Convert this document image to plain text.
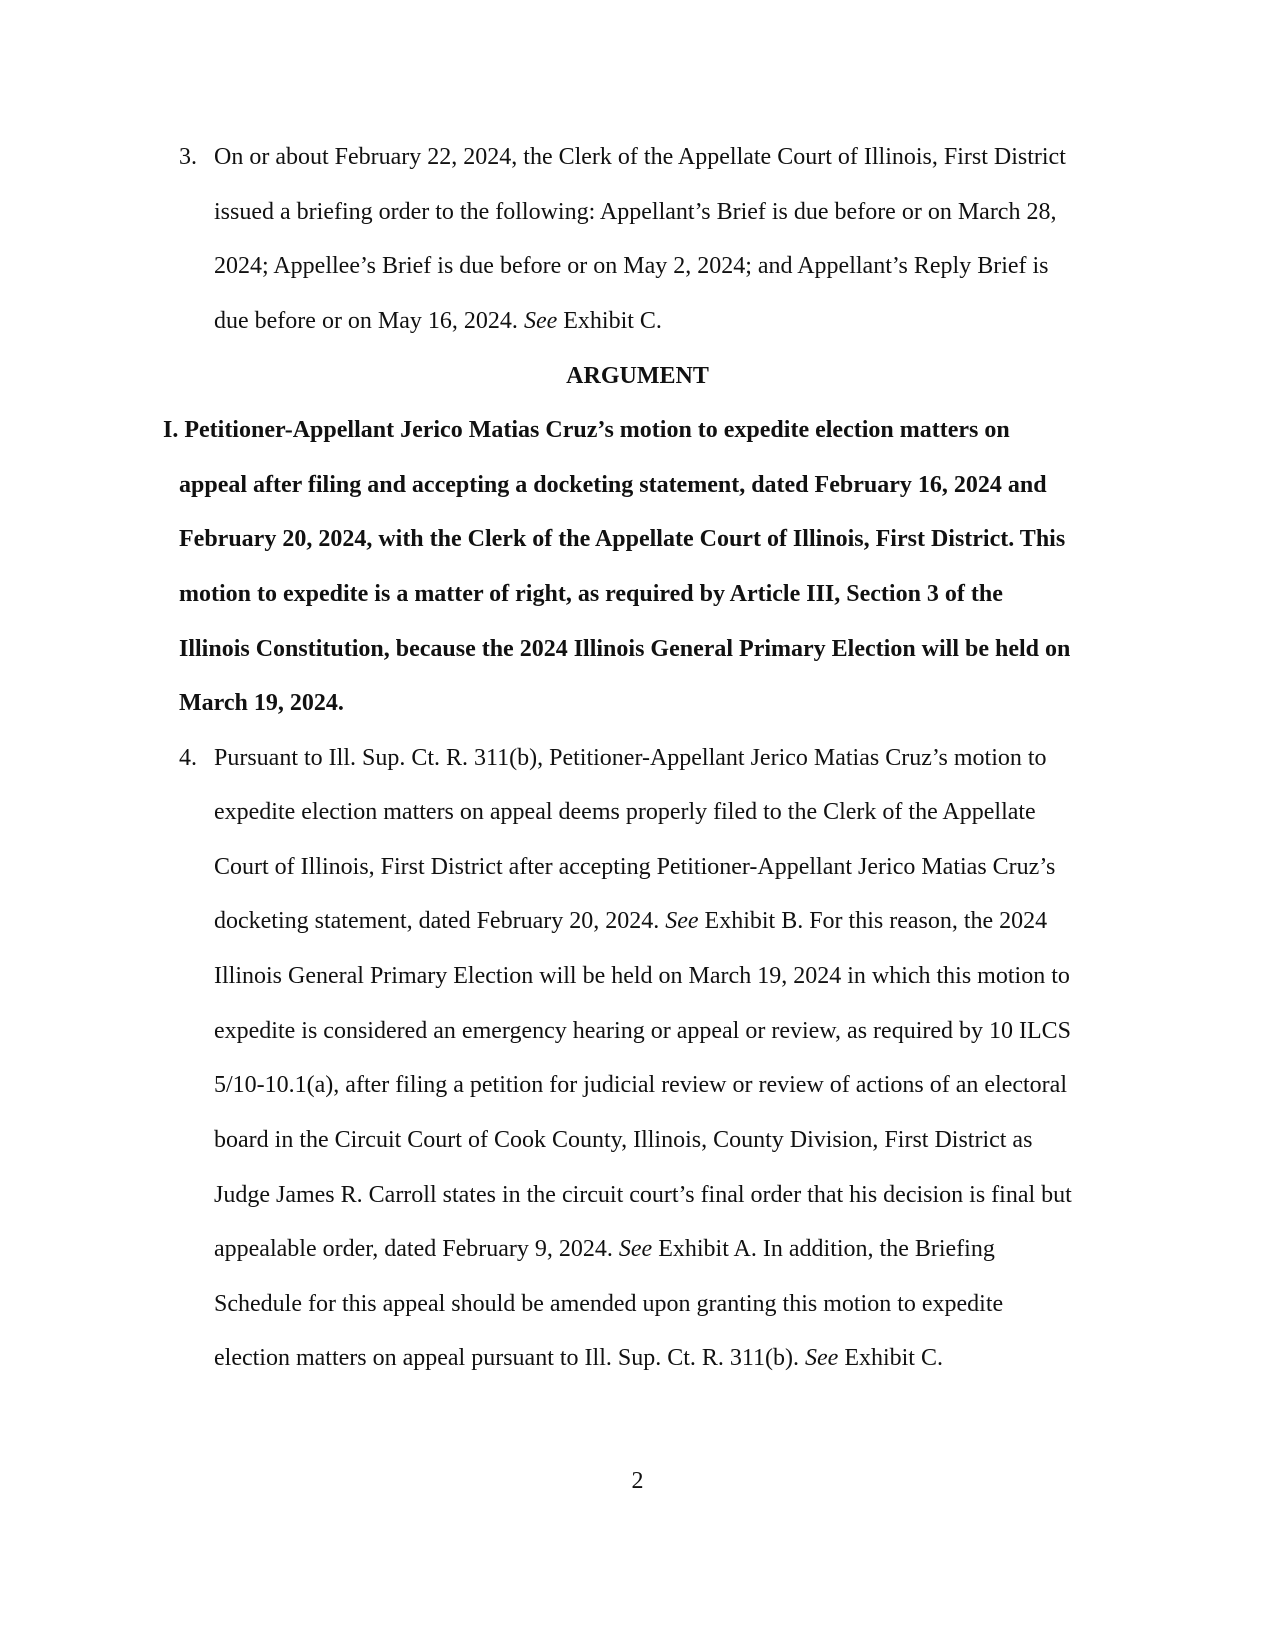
3. On or about February 22, 2024, the Clerk of the Appellate Court of Illinois, First District
issued a briefing order to the following: Appellant’s Brief is due before or on March 28,
2024; Appellee’s Brief is due before or on May 2, 2024; and Appellant’s Reply Brief is
due before or on May 16, 2024. See Exhibit C.
ARGUMENT
I. Petitioner-Appellant Jerico Matias Cruz’s motion to expedite election matters on
appeal after filing and accepting a docketing statement, dated February 16, 2024 and
February 20, 2024, with the Clerk of the Appellate Court of Illinois, First District. This
motion to expedite is a matter of right, as required by Article III, Section 3 of the
Illinois Constitution, because the 2024 Illinois General Primary Election will be held on
March 19, 2024.
4. Pursuant to Ill. Sup. Ct. R. 311(b), Petitioner-Appellant Jerico Matias Cruz’s motion to
expedite election matters on appeal deems properly filed to the Clerk of the Appellate
Court of Illinois, First District after accepting Petitioner-Appellant Jerico Matias Cruz’s
docketing statement, dated February 20, 2024. See Exhibit B. For this reason, the 2024
Illinois General Primary Election will be held on March 19, 2024 in which this motion to
expedite is considered an emergency hearing or appeal or review, as required by 10 ILCS
5/10-10.1(a), after filing a petition for judicial review or review of actions of an electoral
board in the Circuit Court of Cook County, Illinois, County Division, First District as
Judge James R. Carroll states in the circuit court’s final order that his decision is final but
appealable order, dated February 9, 2024. See Exhibit A. In addition, the Briefing
Schedule for this appeal should be amended upon granting this motion to expedite
election matters on appeal pursuant to Ill. Sup. Ct. R. 311(b). See Exhibit C.
2
